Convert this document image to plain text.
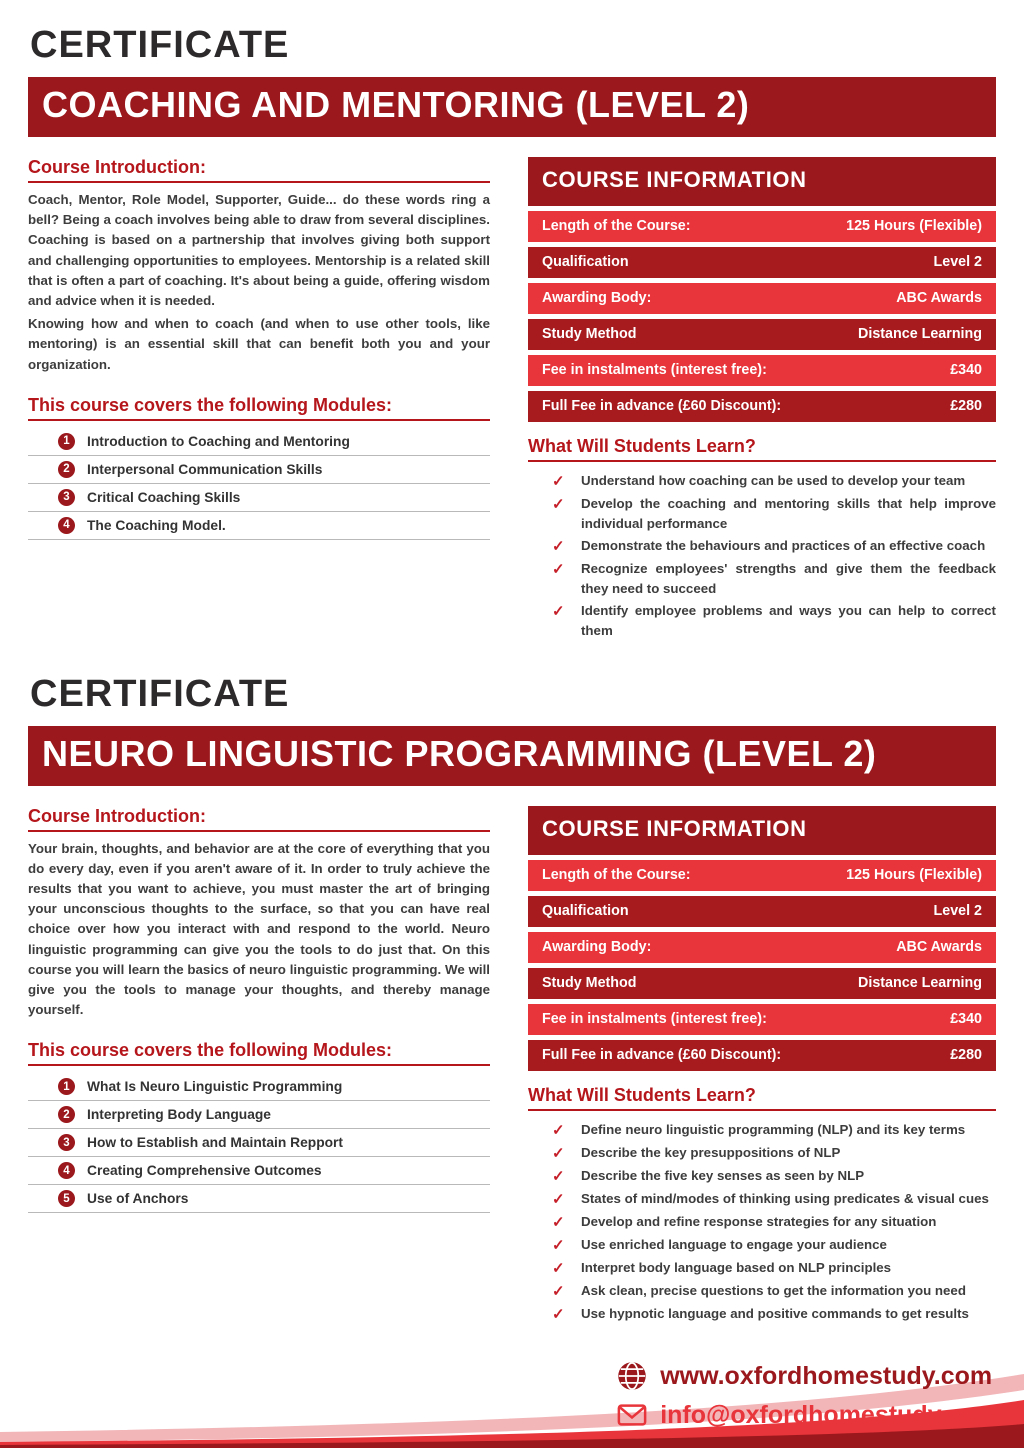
CERTIFICATE
COACHING AND MENTORING (LEVEL 2)
Course Introduction:

Coach, Mentor, Role Model, Supporter, Guide... do these words ring a bell? Being a coach involves being able to draw from several disciplines. Coaching is based on a partnership that involves giving both support and challenging opportunities to employees. Mentorship is a related skill that is often a part of coaching. It's about being a guide, offering wisdom and advice when it is needed.

Knowing how and when to coach (and when to use other tools, like mentoring) is an essential skill that can benefit both you and your organization.

This course covers the following Modules:
1	Introduction to Coaching and Mentoring
2	Interpersonal Communication Skills
3	Critical Coaching Skills
4	The Coaching Model.
COURSE INFORMATION
Length of the Course:	125 Hours (Flexible)
Qualification	Level 2
Awarding Body:	ABC Awards
Study Method	Distance Learning
Fee in instalments (interest free):	£340
Full Fee in advance (£60 Discount):	£280
What Will Students Learn?
✓ Understand how coaching can be used to develop your team
✓ Develop the coaching and mentoring skills that help improve individual performance
✓ Demonstrate the behaviours and practices of an effective coach
✓ Recognize employees' strengths and give them the feedback they need to succeed
✓ Identify employee problems and ways you can help to correct them
CERTIFICATE
NEURO LINGUISTIC PROGRAMMING (LEVEL 2)
Course Introduction:

Your brain, thoughts, and behavior are at the core of everything that you do every day, even if you aren't aware of it. In order to truly achieve the results that you want to achieve, you must master the art of bringing your unconscious thoughts to the surface, so that you can have real choice over how you interact with and respond to the world. Neuro linguistic programming can give you the tools to do just that. On this course you will learn the basics of neuro linguistic programming. We will give you the tools to manage your thoughts, and thereby manage yourself.

This course covers the following Modules:
1	What Is Neuro Linguistic Programming
2	Interpreting Body Language
3	How to Establish and Maintain Repport
4	Creating Comprehensive Outcomes
5	Use of Anchors
COURSE INFORMATION
Length of the Course:	125 Hours (Flexible)
Qualification	Level 2
Awarding Body:	ABC Awards
Study Method	Distance Learning
Fee in instalments (interest free):	£340
Full Fee in advance (£60 Discount):	£280
What Will Students Learn?
✓ Define neuro linguistic programming (NLP) and its key terms
✓ Describe the key presuppositions of NLP
✓ Describe the five key senses as seen by NLP
✓ States of mind/modes of thinking using predicates & visual cues
✓ Develop and refine response strategies for any situation
✓ Use enriched language to engage your audience
✓ Interpret body language based on NLP principles
✓ Ask clean, precise questions to get the information you need
✓ Use hypnotic language and positive commands to get results
www.oxfordhomestudy.com
info@oxfordhomestudy.com
